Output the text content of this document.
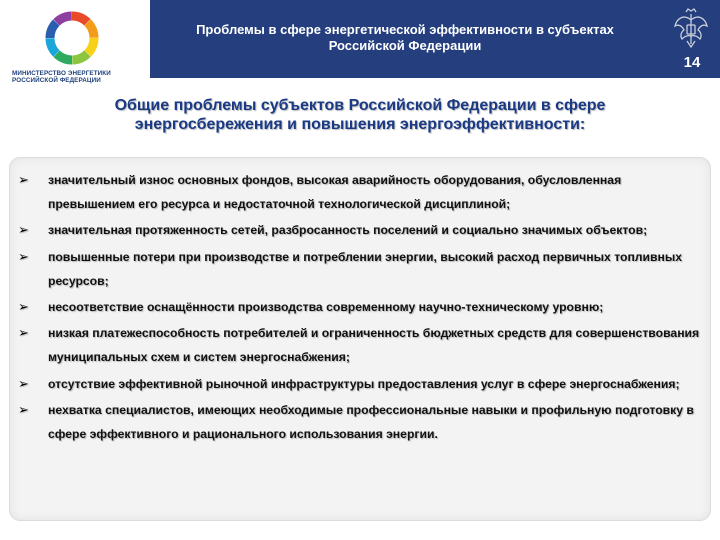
МИНИСТЕРСТВО ЭНЕРГЕТИКИ РОССИЙСКОЙ ФЕДЕРАЦИИ
Проблемы в сфере энергетической эффективности в субъектах Российской Федерации
14
Общие проблемы субъектов Российской Федерации в сфере энергосбережения и повышения энергоэффективности:
➢ значительный износ основных фондов, высокая аварийность оборудования, обусловленная превышением его ресурса и недостаточной технологической дисциплиной;
➢ значительная протяженность сетей, разбросанность поселений и социально значимых объектов;
➢ повышенные потери при производстве и потреблении энергии, высокий расход первичных топливных ресурсов;
➢ несоответствие оснащённости производства современному научно-техническому уровню;
➢ низкая платежеспособность потребителей и ограниченность бюджетных средств для совершенствования муниципальных схем и систем энергоснабжения;
➢ отсутствие эффективной рыночной инфраструктуры предоставления услуг в сфере энергоснабжения;
➢ нехватка специалистов, имеющих необходимые профессиональные навыки и профильную подготовку в сфере эффективного и рационального использования энергии.
